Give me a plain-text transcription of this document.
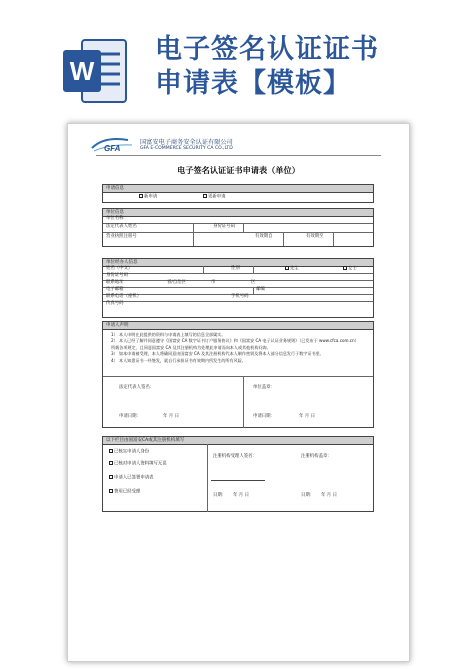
W
电子签名认证证书
申请表【模板】
GFA
国富安电子商务安全认证有限公司
GFA E-COMMERCE SECURITY CA CO.,LTD
电子签名认证证书申请表（单位）
申请信息
新申请	更新申请
单位信息
单位名称
法定代表人姓名	身份证号码
营业执照注册号	有效期自	有效期至
单位经办人信息
姓名（中文）	性别	先生	女士
身份证号码
联系地址	省/自治区	市	区
电子邮箱	邮编
联系电话（座机）	手机号码
传真号码
申请人声明

1） 本人申明在此提供的资料与申请表上填写的信息全部属实。

2） 本人已经了解并同意遵守《国富安 CA 数字证书订户服务协议》和《国富安 CA 电子认证业务规则》（已发布于 www.cfca.com.cn）

所载各项规定，且同意国富安 CA 及其注册机构为处理此申请而向本人或其他机构问询。

3） 如本申请被受理，本人将确同意由国富安 CA 及其注册机构代本人制作密钥及将本人部分信息发行于数字证书里。

4） 本人知悉证书一经签发，就自行承担证书有效期内所发生的所有风险。

法定代表人签名：	单位盖章：
申请日期：	年 月 日	申请日期：	年 月 日
以下栏目由国富安CA或其注册机构填写
已核实申请人身份
已核对申请人资料填写无误
申请人已签署申请表
费用已经受理
注册机构受理人签名：	注册机构盖章：
日期： 年 月 日	日期： 年 月 日
